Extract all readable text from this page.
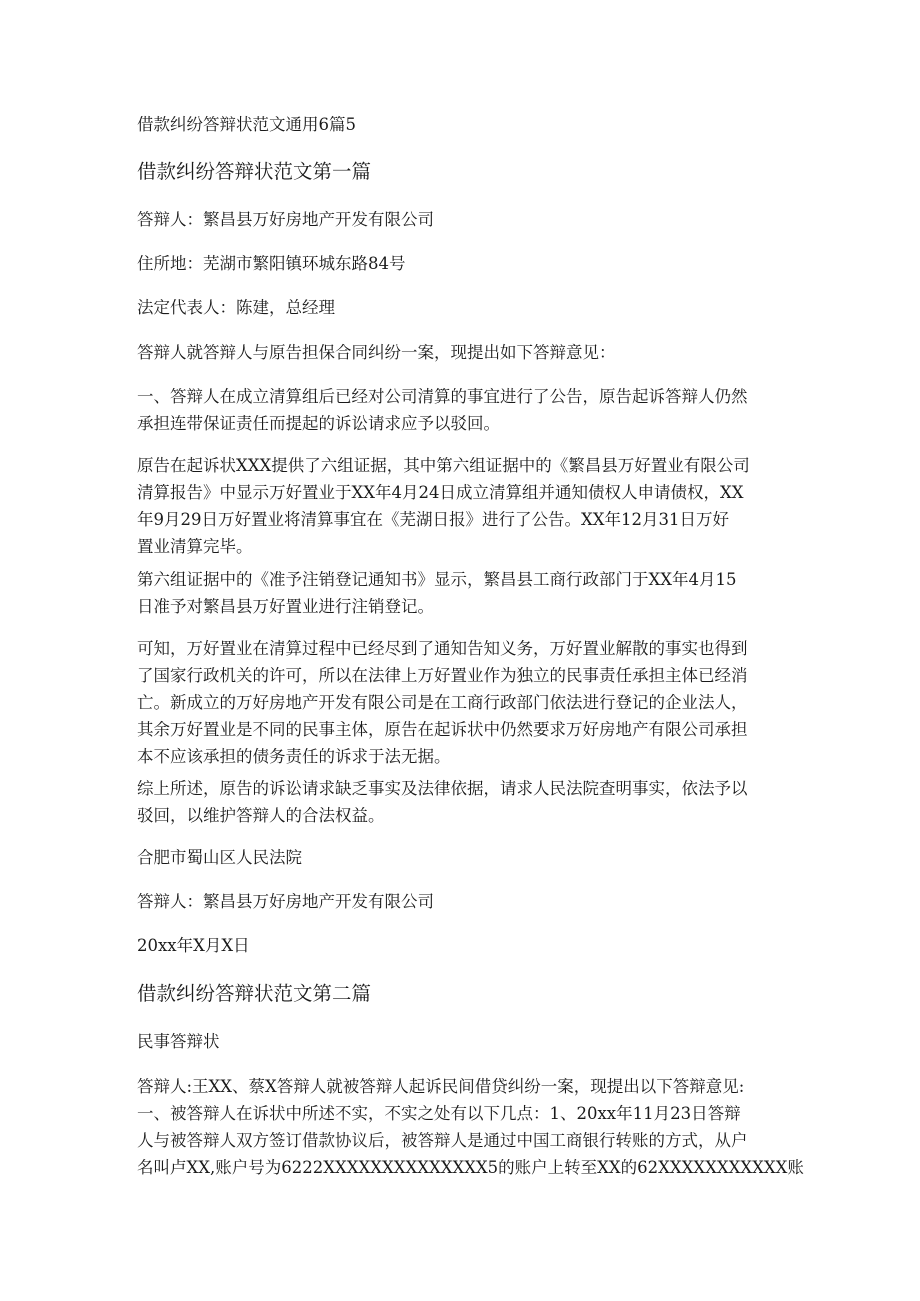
借款纠纷答辩状范文通用6篇5

借款纠纷答辩状范文第一篇

答辩人：繁昌县万好房地产开发有限公司

住所地：芜湖市繁阳镇环城东路84号

法定代表人：陈建，总经理

答辩人就答辩人与原告担保合同纠纷一案，现提出如下答辩意见：

一、答辩人在成立清算组后已经对公司清算的事宜进行了公告，原告起诉答辩人仍然
承担连带保证责任而提起的诉讼请求应予以驳回。

原告在起诉状XXX提供了六组证据，其中第六组证据中的《繁昌县万好置业有限公司
清算报告》中显示万好置业于XX年4月24日成立清算组并通知债权人申请债权，XX
年9月29日万好置业将清算事宜在《芜湖日报》进行了公告。XX年12月31日万好
置业清算完毕。

第六组证据中的《准予注销登记通知书》显示，繁昌县工商行政部门于XX年4月15
日准予对繁昌县万好置业进行注销登记。

可知，万好置业在清算过程中已经尽到了通知告知义务，万好置业解散的事实也得到
了国家行政机关的许可，所以在法律上万好置业作为独立的民事责任承担主体已经消
亡。新成立的万好房地产开发有限公司是在工商行政部门依法进行登记的企业法人，
其余万好置业是不同的民事主体，原告在起诉状中仍然要求万好房地产有限公司承担
本不应该承担的债务责任的诉求于法无据。

综上所述，原告的诉讼请求缺乏事实及法律依据，请求人民法院查明事实，依法予以
驳回，以维护答辩人的合法权益。

合肥市蜀山区人民法院

答辩人：繁昌县万好房地产开发有限公司

20xx年X月X日

借款纠纷答辩状范文第二篇

民事答辩状

答辩人:王XX、蔡X答辩人就被答辩人起诉民间借贷纠纷一案，现提出以下答辩意见:
一、被答辩人在诉状中所述不实，不实之处有以下几点：1、20xx年11月23日答辩
人与被答辩人双方签订借款协议后，被答辩人是通过中国工商银行转账的方式，从户
名叫卢XX,账户号为6222XXXXXXXXXXXXXX5的账户上转至XX的62XXXXXXXXXXX账
